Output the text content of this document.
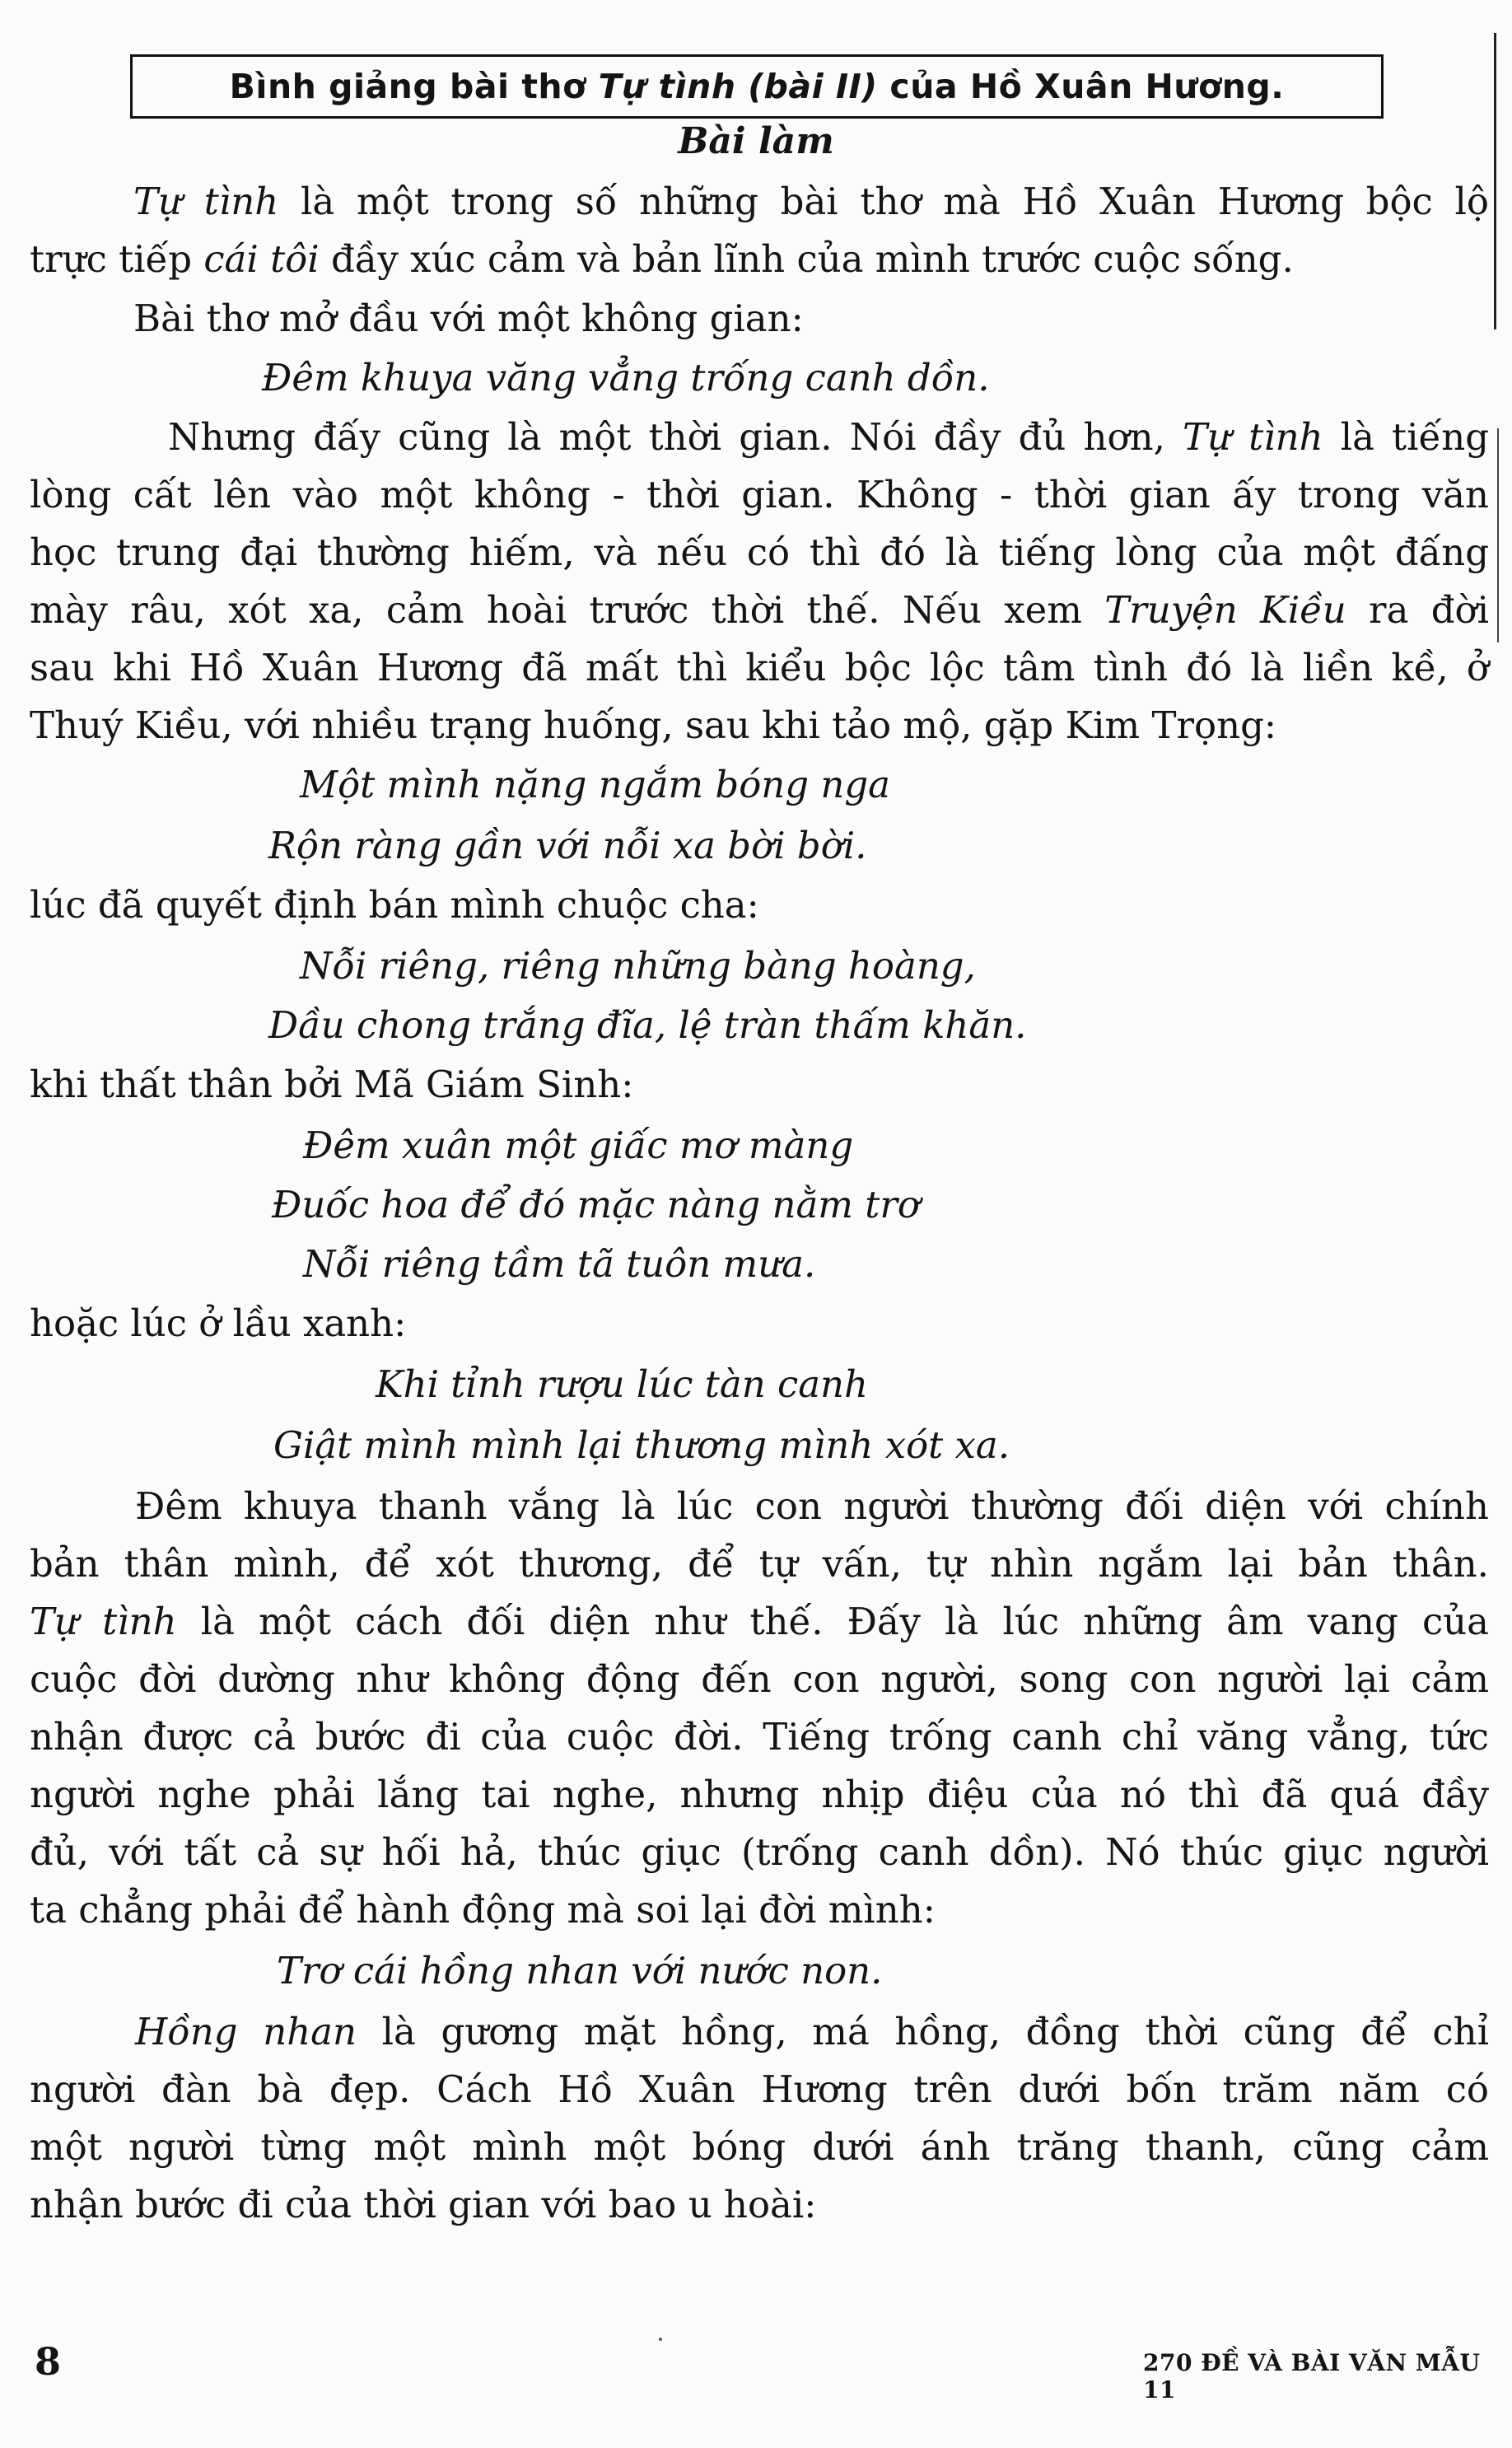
Bình giảng bài thơ Tự tình (bài II) của Hồ Xuân Hương.
Bài làm
Tự tình là một trong số những bài thơ mà Hồ Xuân Hương bộc lộ
trực tiếp cái tôi đầy xúc cảm và bản lĩnh của mình trước cuộc sống.
Bài thơ mở đầu với một không gian:
Đêm khuya văng vẳng trống canh dồn.
Nhưng đấy cũng là một thời gian. Nói đầy đủ hơn, Tự tình là tiếng
lòng cất lên vào một không - thời gian. Không - thời gian ấy trong văn
học trung đại thường hiếm, và nếu có thì đó là tiếng lòng của một đấng
mày râu, xót xa, cảm hoài trước thời thế. Nếu xem Truyện Kiều ra đời
sau khi Hồ Xuân Hương đã mất thì kiểu bộc lộc tâm tình đó là liền kề, ở
Thuý Kiều, với nhiều trạng huống, sau khi tảo mộ, gặp Kim Trọng:
Một mình nặng ngắm bóng nga
Rộn ràng gần với nỗi xa bời bời.
lúc đã quyết định bán mình chuộc cha:
Nỗi riêng, riêng những bàng hoàng,
Dầu chong trắng đĩa, lệ tràn thấm khăn.
khi thất thân bởi Mã Giám Sinh:
Đêm xuân một giấc mơ màng
Đuốc hoa để đó mặc nàng nằm trơ
Nỗi riêng tầm tã tuôn mưa.
hoặc lúc ở lầu xanh:
Khi tỉnh rượu lúc tàn canh
Giật mình mình lại thương mình xót xa.
Đêm khuya thanh vắng là lúc con người thường đối diện với chính
bản thân mình, để xót thương, để tự vấn, tự nhìn ngắm lại bản thân.
Tự tình là một cách đối diện như thế. Đấy là lúc những âm vang của
cuộc đời dường như không động đến con người, song con người lại cảm
nhận được cả bước đi của cuộc đời. Tiếng trống canh chỉ văng vẳng, tức
người nghe phải lắng tai nghe, nhưng nhịp điệu của nó thì đã quá đầy
đủ, với tất cả sự hối hả, thúc giục (trống canh dồn). Nó thúc giục người
ta chẳng phải để hành động mà soi lại đời mình:
Trơ cái hồng nhan với nước non.
Hồng nhan là gương mặt hồng, má hồng, đồng thời cũng để chỉ
người đàn bà đẹp. Cách Hồ Xuân Hương trên dưới bốn trăm năm có
một người từng một mình một bóng dưới ánh trăng thanh, cũng cảm
nhận bước đi của thời gian với bao u hoài:
8	270 ĐỀ VÀ BÀI VĂN MẪU 11
